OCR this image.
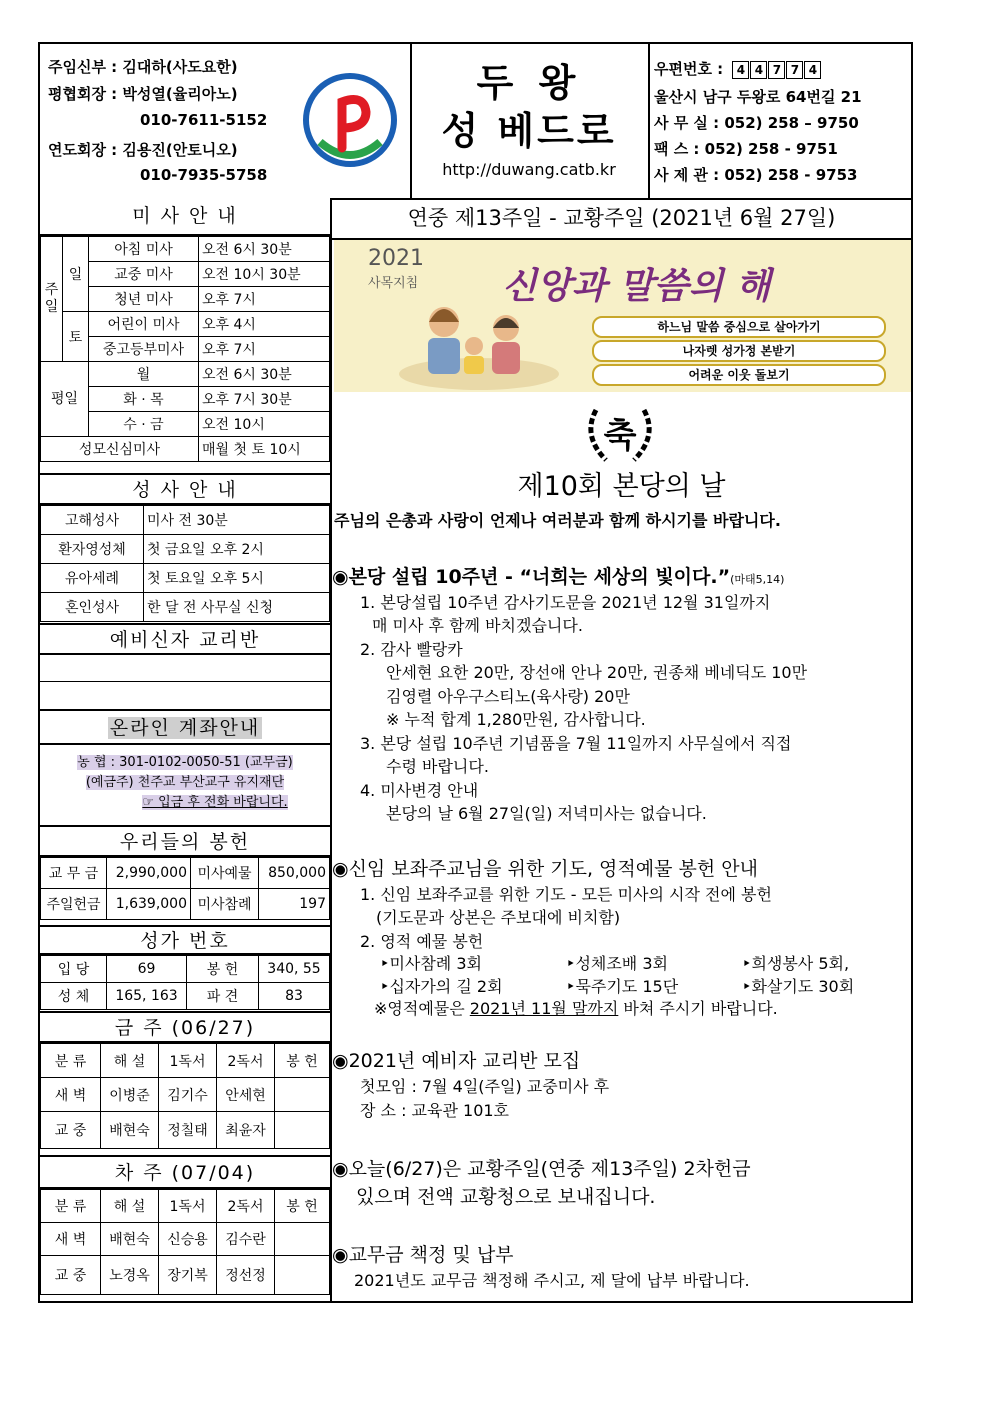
주임신부 : 김대하(사도요한)
평협회장 : 박성열(율리아노)
010-7611-5152
연도회장 : 김용진(안토니오)
010-7935-5758
두 왕
성 베드로
http://duwang.catb.kr
우편번호 : 4 4 7 7 4
울산시 남구 두왕로 64번길 21
사 무 실 : 052) 258 – 9750
팩 스 : 052) 258 - 9751
사 제 관 : 052) 258 - 9753
미 사 안 내
주일	일	아침 미사	오전 6시 30분
		교중 미사	오전 10시 30분
		청년 미사	오후 7시
	토	어린이 미사	오후 4시
		중고등부미사	오후 7시
평일		월	오전 6시 30분
		화 · 목	오후 7시 30분
		수 · 금	오전 10시
성모신심미사			매월 첫 토 10시
성 사 안 내
고해성사	미사 전 30분
환자영성체	첫 금요일 오후 2시
유아세례	첫 토요일 오후 5시
혼인성사	한 달 전 사무실 신청
예비신자 교리반
온라인 계좌안내
농 협 : 301-0102-0050-51 (교무금)
(예금주) 천주교 부산교구 유지재단
☞ 입금 후 전화 바랍니다.
우리들의 봉헌
교 무 금	2,990,000	미사예물	850,000
주일헌금	1,639,000	미사참례	197
성가 번호
입 당	69	봉 헌	340, 55
성 체	165, 163	파 견	83
금 주 (06/27)
분 류	해 설	1독서	2독서	봉 헌
새 벽	이병준	김기수	안세현	
교 중	배현숙	정칠태	최윤자	
차 주 (07/04)
분 류	해 설	1독서	2독서	봉 헌
새 벽	배현숙	신승용	김수란	
교 중	노경옥	장기복	정선정	
연중 제13주일 - 교황주일 (2021년 6월 27일)
2021
사목지침 신앙과 말씀의 해
하느님 말씀 중심으로 살아가기
나자렛 성가정 본받기
어려운 이웃 돌보기
축
제10회 본당의 날
주님의 은총과 사랑이 언제나 여러분과 함께 하시기를 바랍니다.
◉본당 설립 10주년 - “너희는 세상의 빛이다.”(마태5,14)
1. 본당설립 10주년 감사기도문을 2021년 12월 31일까지
매 미사 후 함께 바치겠습니다.
2. 감사 빨랑카
안세현 요한 20만, 장선애 안나 20만, 권종채 베네딕도 10만
김영렬 아우구스티노(육사랑) 20만
※ 누적 합계 1,280만원, 감사합니다.
3. 본당 설립 10주년 기념품을 7월 11일까지 사무실에서 직접
수령 바랍니다.
4. 미사변경 안내
본당의 날 6월 27일(일) 저녁미사는 없습니다.
◉신임 보좌주교님을 위한 기도, 영적예물 봉헌 안내
1. 신임 보좌주교를 위한 기도 - 모든 미사의 시작 전에 봉헌
(기도문과 상본은 주보대에 비치함)
2. 영적 예물 봉헌
‣미사참례 3회	‣성체조배 3회	‣희생봉사 5회,
‣십자가의 길 2회	‣묵주기도 15단	‣화살기도 30회
※영적예물은 2021년 11월 말까지 바쳐 주시기 바랍니다.
◉2021년 예비자 교리반 모집
첫모임 : 7월 4일(주일) 교중미사 후
장 소 : 교육관 101호
◉오늘(6/27)은 교황주일(연중 제13주일) 2차헌금
있으며 전액 교황청으로 보내집니다.
◉교무금 책정 및 납부
2021년도 교무금 책정해 주시고, 제 달에 납부 바랍니다.
